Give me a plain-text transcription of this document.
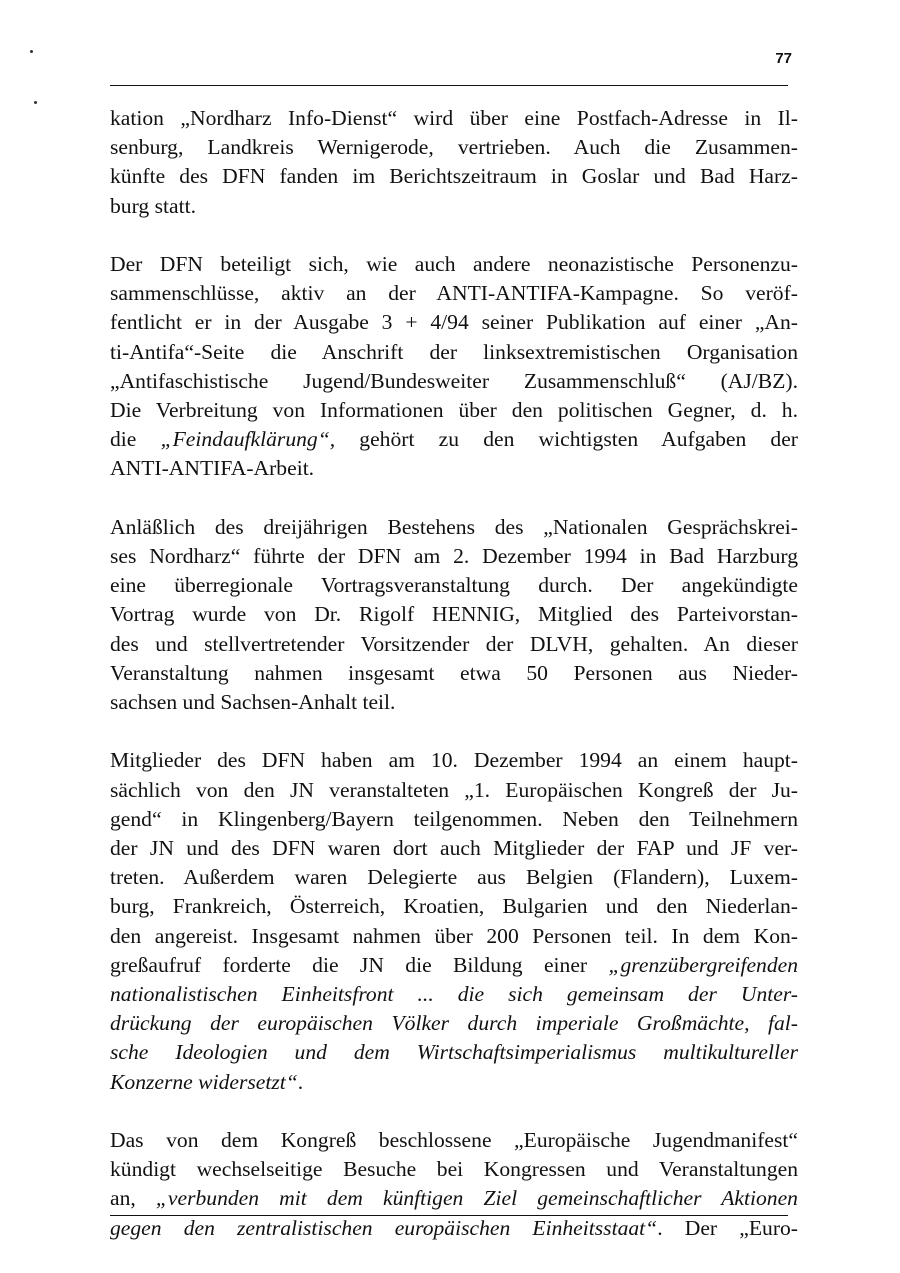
77

kation „Nordharz Info-Dienst“ wird über eine Postfach-Adresse in Il-
senburg, Landkreis Wernigerode, vertrieben. Auch die Zusammen-
künfte des DFN fanden im Berichtszeitraum in Goslar und Bad Harz-
burg statt.

Der DFN beteiligt sich, wie auch andere neonazistische Personenzu-
sammenschlüsse, aktiv an der ANTI-ANTIFA-Kampagne. So veröf-
fentlicht er in der Ausgabe 3 + 4/94 seiner Publikation auf einer „An-
ti-Antifa“-Seite die Anschrift der linksextremistischen Organisation
„Antifaschistische Jugend/Bundesweiter Zusammenschluß“ (AJ/BZ).
Die Verbreitung von Informationen über den politischen Gegner, d. h.
die „Feindaufklärung“, gehört zu den wichtigsten Aufgaben der
ANTI-ANTIFA-Arbeit.

Anläßlich des dreijährigen Bestehens des „Nationalen Gesprächskrei-
ses Nordharz“ führte der DFN am 2. Dezember 1994 in Bad Harzburg
eine überregionale Vortragsveranstaltung durch. Der angekündigte
Vortrag wurde von Dr. Rigolf HENNIG, Mitglied des Parteivorstan-
des und stellvertretender Vorsitzender der DLVH, gehalten. An dieser
Veranstaltung nahmen insgesamt etwa 50 Personen aus Nieder-
sachsen und Sachsen-Anhalt teil.

Mitglieder des DFN haben am 10. Dezember 1994 an einem haupt-
sächlich von den JN veranstalteten „1. Europäischen Kongreß der Ju-
gend“ in Klingenberg/Bayern teilgenommen. Neben den Teilnehmern
der JN und des DFN waren dort auch Mitglieder der FAP und JF ver-
treten. Außerdem waren Delegierte aus Belgien (Flandern), Luxem-
burg, Frankreich, Österreich, Kroatien, Bulgarien und den Niederlan-
den angereist. Insgesamt nahmen über 200 Personen teil. In dem Kon-
greßaufruf forderte die JN die Bildung einer „grenzübergreifenden
nationalistischen Einheitsfront ... die sich gemeinsam der Unter-
drückung der europäischen Völker durch imperiale Großmächte, fal-
sche Ideologien und dem Wirtschaftsimperialismus multikultureller
Konzerne widersetzt“.

Das von dem Kongreß beschlossene „Europäische Jugendmanifest“
kündigt wechselseitige Besuche bei Kongressen und Veranstaltungen
an, „verbunden mit dem künftigen Ziel gemeinschaftlicher Aktionen
gegen den zentralistischen europäischen Einheitsstaat“. Der „Euro-
